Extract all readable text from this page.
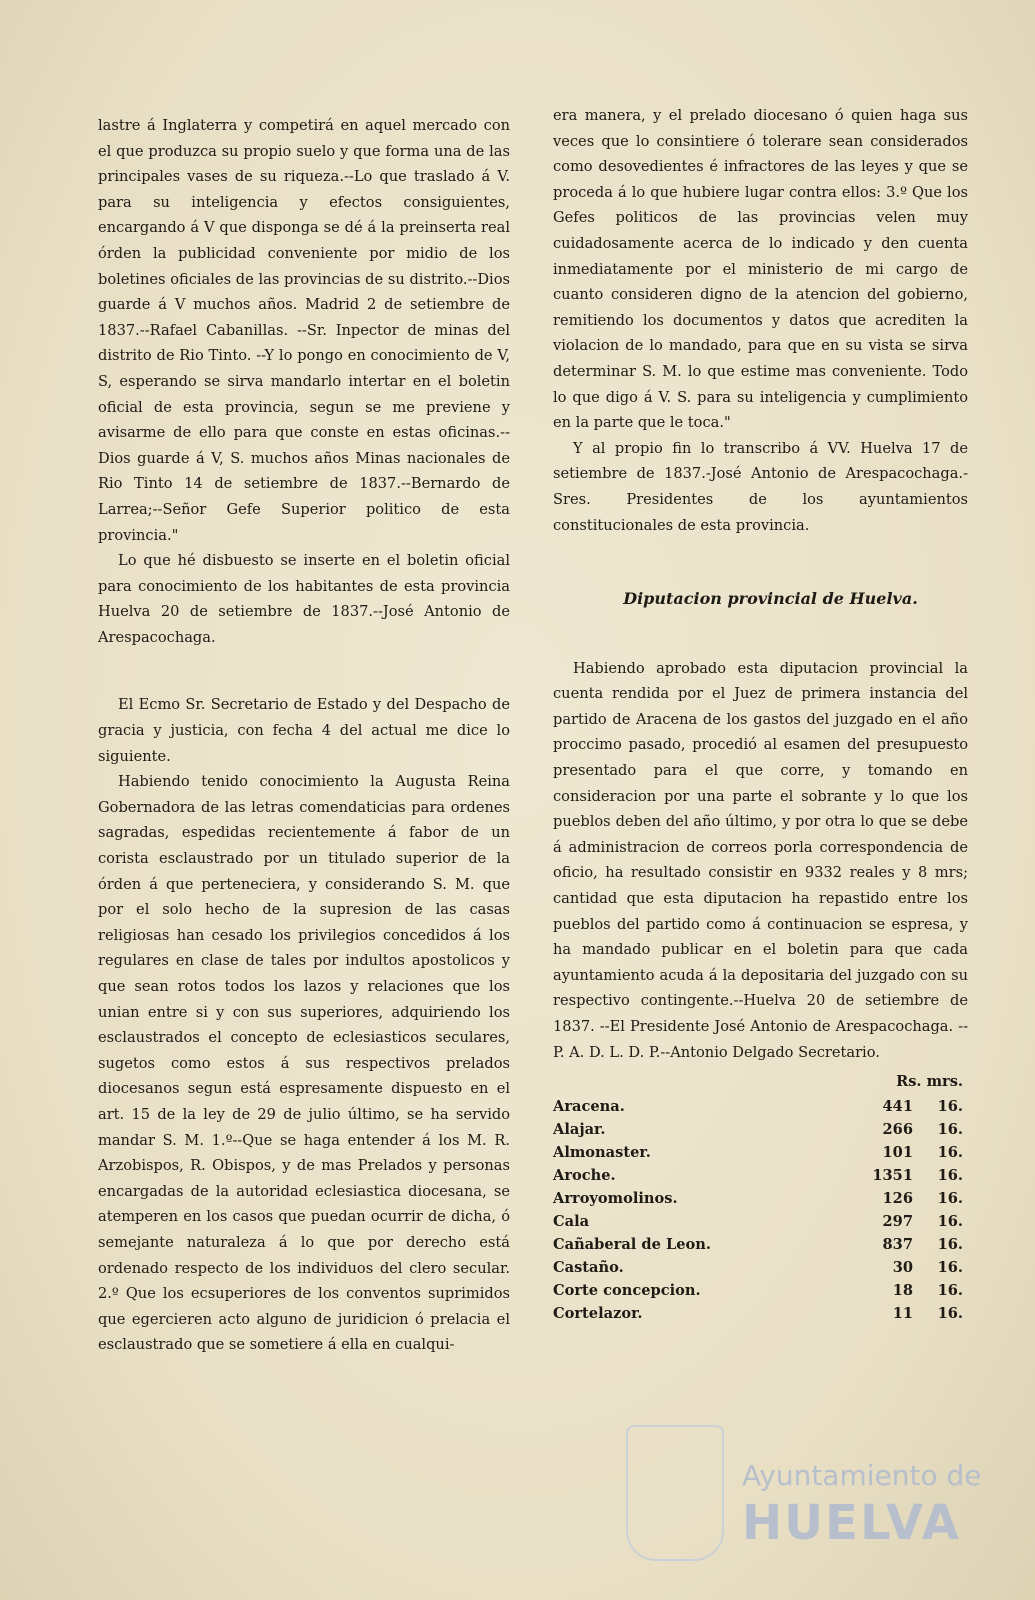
lastre á Inglaterra y competirá en aquel mercado con el que produzca su propio suelo y que forma una de las principales vases de su riqueza.--Lo que traslado á V. para su inteligencia y efectos consiguientes, encargando á V que disponga se dé á la preinserta real órden la publicidad conveniente por midio de los boletines oficiales de las provincias de su distrito.--Dios guarde á V muchos años. Madrid 2 de setiembre de 1837.--Rafael Cabanillas. --Sr. Inpector de minas del distrito de Rio Tinto. --Y lo pongo en conocimiento de V, S, esperando se sirva mandarlo intertar en el boletin oficial de esta provincia, segun se me previene y avisarme de ello para que conste en estas oficinas.--Dios guarde á V, S. muchos años Minas nacionales de Rio Tinto 14 de setiembre de 1837.--Bernardo de Larrea;--Señor Gefe Superior politico de esta provincia."

Lo que hé disbuesto se inserte en el boletin oficial para conocimiento de los habitantes de esta provincia Huelva 20 de setiembre de 1837.--José Antonio de Arespacochaga.

El Ecmo Sr. Secretario de Estado y del Despacho de gracia y justicia, con fecha 4 del actual me dice lo siguiente.

Habiendo tenido conocimiento la Augusta Reina Gobernadora de las letras comendaticias para ordenes sagradas, espedidas recientemente á fabor de un corista esclaustrado por un titulado superior de la órden á que perteneciera, y considerando S. M. que por el solo hecho de la supresion de las casas religiosas han cesado los privilegios concedidos á los regulares en clase de tales por indultos apostolicos y que sean rotos todos los lazos y relaciones que los unian entre si y con sus superiores, adquiriendo los esclaustrados el concepto de eclesiasticos seculares, sugetos como estos á sus respectivos prelados diocesanos segun está espresamente dispuesto en el art. 15 de la ley de 29 de julio último, se ha servido mandar S. M. 1.º--Que se haga entender á los M. R. Arzobispos, R. Obispos, y de mas Prelados y personas encargadas de la autoridad eclesiastica diocesana, se atemperen en los casos que puedan ocurrir de dicha, ó semejante naturaleza á lo que por derecho está ordenado respecto de los individuos del clero secular. 2.º Que los ecsuperiores de los conventos suprimidos que egercieren acto alguno de juridicion ó prelacia el esclaustrado que se sometiere á ella en cualqui-

era manera, y el prelado diocesano ó quien haga sus veces que lo consintiere ó tolerare sean considerados como desovedientes é infractores de las leyes y que se proceda á lo que hubiere lugar contra ellos: 3.º Que los Gefes politicos de las provincias velen muy cuidadosamente acerca de lo indicado y den cuenta inmediatamente por el ministerio de mi cargo de cuanto consideren digno de la atencion del gobierno, remitiendo los documentos y datos que acrediten la violacion de lo mandado, para que en su vista se sirva determinar S. M. lo que estime mas conveniente. Todo lo que digo á V. S. para su inteligencia y cumplimiento en la parte que le toca."

Y al propio fin lo transcribo á VV. Huelva 17 de setiembre de 1837.-José Antonio de Arespacochaga.-Sres. Presidentes de los ayuntamientos constitucionales de esta provincia.

Diputacion provincial de Huelva.

Habiendo aprobado esta diputacion provincial la cuenta rendida por el Juez de primera instancia del partido de Aracena de los gastos del juzgado en el año proccimo pasado, procedió al esamen del presupuesto presentado para el que corre, y tomando en consideracion por una parte el sobrante y lo que los pueblos deben del año último, y por otra lo que se debe á administracion de correos porla correspondencia de oficio, ha resultado consistir en 9332 reales y 8 mrs; cantidad que esta diputacion ha repastido entre los pueblos del partido como á continuacion se espresa, y ha mandado publicar en el boletin para que cada ayuntamiento acuda á la depositaria del juzgado con su respectivo contingente.--Huelva 20 de setiembre de 1837. --El Presidente José Antonio de Arespacochaga. --P. A. D. L. D. P.--Antonio Delgado Secretario.

Rs. mrs.		
Aracena.	441	16.
Alajar.	266	16.
Almonaster.	101	16.
Aroche.	1351	16.
Arroyomolinos.	126	16.
Cala	297	16.
Cañaberal de Leon.	837	16.
Castaño.	30	16.
Corte concepcion.	18	16.
Cortelazor.	11	16.
Ayuntamiento de
HUELVA
